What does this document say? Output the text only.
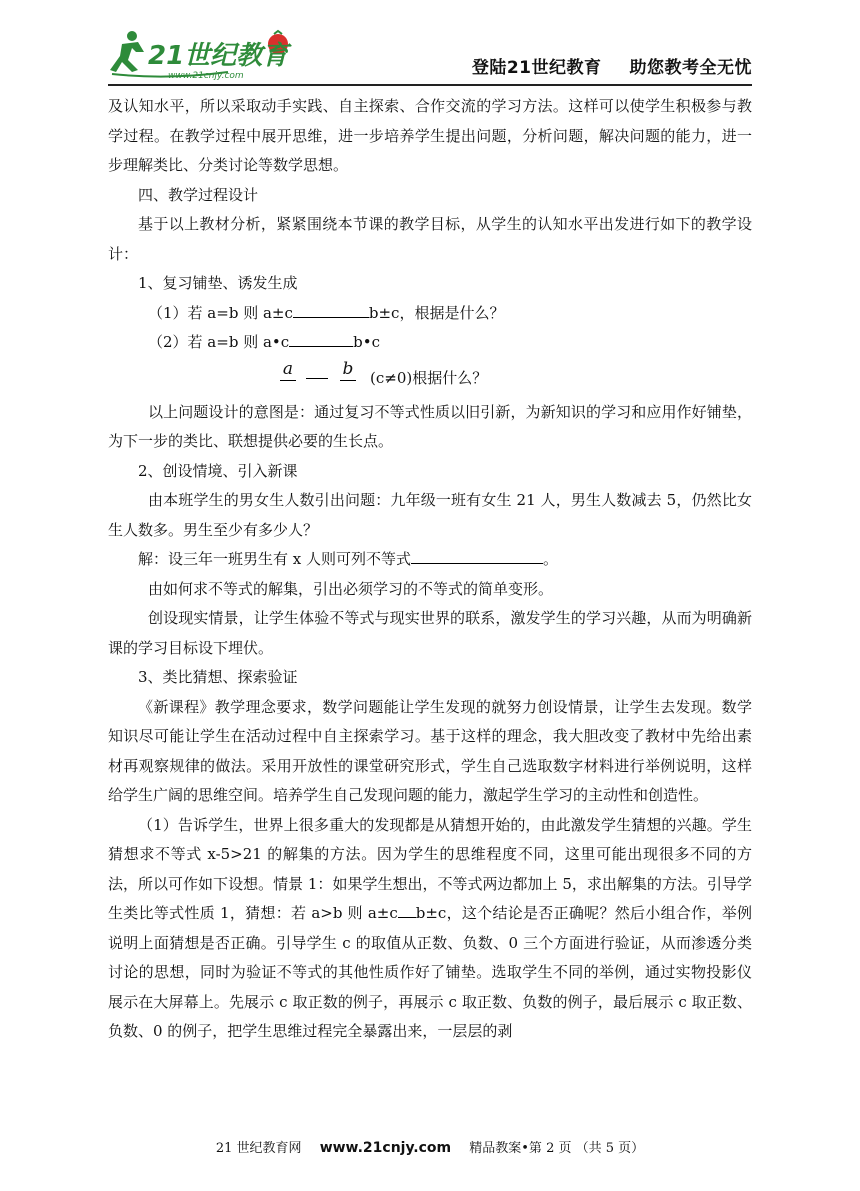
21世纪教育
www.21cnjy.com	登陆21世纪教育 助您教考全无忧

及认知水平，所以采取动手实践、自主探索、合作交流的学习方法。这样可以使学生积极参与教学过程。在教学过程中展开思维，进一步培养学生提出问题，分析问题，解决问题的能力，进一步理解类比、分类讨论等数学思想。

四、教学过程设计

基于以上教材分析，紧紧围绕本节课的教学目标，从学生的认知水平出发进行如下的教学设计：

1、复习铺垫、诱发生成

（1）若 a=b 则 a±c	b±c，根据是什么？

（2）若 a=b 则 a•c	b•c

a	b (c≠0)根据什么？

以上问题设计的意图是：通过复习不等式性质以旧引新，为新知识的学习和应用作好铺垫，为下一步的类比、联想提供必要的生长点。

2、创设情境、引入新课

由本班学生的男女生人数引出问题：九年级一班有女生 21 人，男生人数减去 5，仍然比女生人数多。男生至少有多少人？

解：设三年一班男生有 x 人则可列不等式	。

由如何求不等式的解集，引出必须学习的不等式的简单变形。

创设现实情景，让学生体验不等式与现实世界的联系，激发学生的学习兴趣，从而为明确新课的学习目标设下埋伏。

3、类比猜想、探索验证

《新课程》教学理念要求，数学问题能让学生发现的就努力创设情景，让学生去发现。数学知识尽可能让学生在活动过程中自主探索学习。基于这样的理念，我大胆改变了教材中先给出素材再观察规律的做法。采用开放性的课堂研究形式，学生自己选取数字材料进行举例说明，这样给学生广阔的思维空间。培养学生自己发现问题的能力，激起学生学习的主动性和创造性。

（1）告诉学生，世界上很多重大的发现都是从猜想开始的，由此激发学生猜想的兴趣。学生猜想求不等式 x-5>21 的解集的方法。因为学生的思维程度不同，这里可能出现很多不同的方法，所以可作如下设想。情景 1：如果学生想出，不等式两边都加上 5，求出解集的方法。引导学生类比等式性质 1，猜想：若 a>b 则 a±c b±c，这个结论是否正确呢？然后小组合作，举例说明上面猜想是否正确。引导学生 c 的取值从正数、负数、0 三个方面进行验证，从而渗透分类讨论的思想，同时为验证不等式的其他性质作好了铺垫。选取学生不同的举例，通过实物投影仪展示在大屏幕上。先展示 c 取正数的例子，再展示 c 取正数、负数的例子，最后展示 c 取正数、负数、0 的例子，把学生思维过程完全暴露出来，一层层的剥

21 世纪教育网 www.21cnjy.com 精品教案•第 2 页 （共 5 页）
